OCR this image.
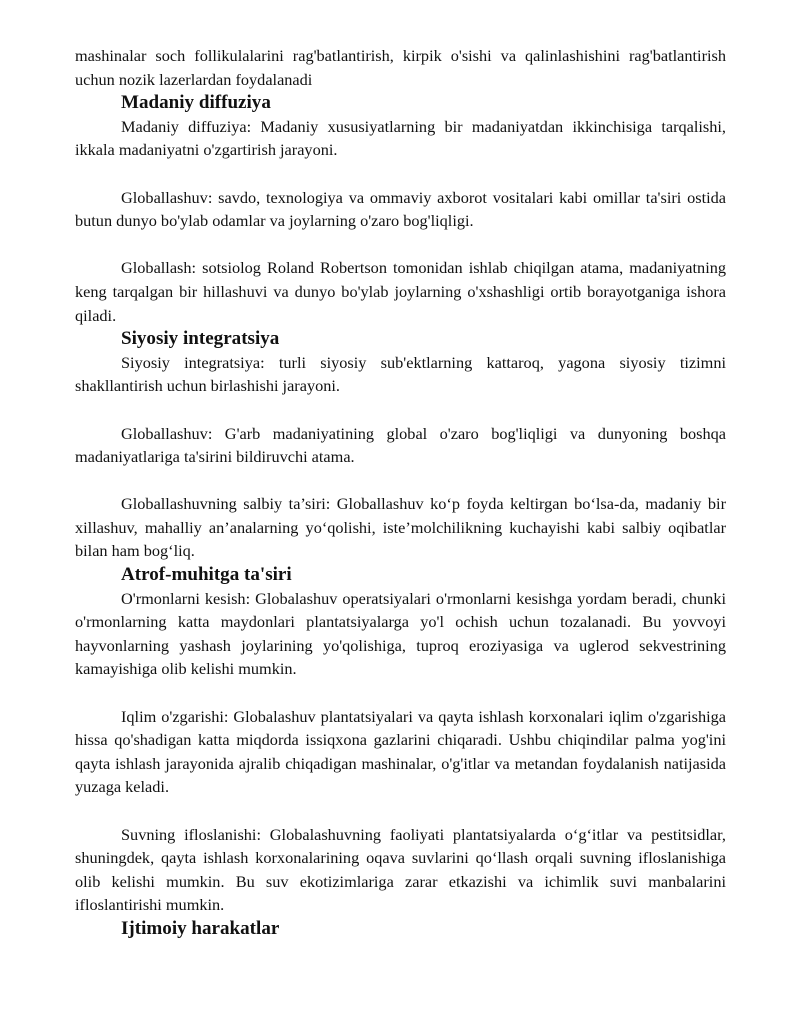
mashinalar soch follikulalarini rag'batlantirish, kirpik o'sishi va qalinlashishini rag'batlantirish uchun nozik lazerlardan foydalanadi

Madaniy diffuziya

Madaniy diffuziya: Madaniy xususiyatlarning bir madaniyatdan ikkinchisiga tarqalishi, ikkala madaniyatni o'zgartirish jarayoni.

Globallashuv: savdo, texnologiya va ommaviy axborot vositalari kabi omillar ta'siri ostida butun dunyo bo'ylab odamlar va joylarning o'zaro bog'liqligi.

Globallash: sotsiolog Roland Robertson tomonidan ishlab chiqilgan atama, madaniyatning keng tarqalgan bir hillashuvi va dunyo bo'ylab joylarning o'xshashligi ortib borayotganiga ishora qiladi.

Siyosiy integratsiya

Siyosiy integratsiya: turli siyosiy sub'ektlarning kattaroq, yagona siyosiy tizimni shakllantirish uchun birlashishi jarayoni.

Globallashuv: G'arb madaniyatining global o'zaro bog'liqligi va dunyoning boshqa madaniyatlariga ta'sirini bildiruvchi atama.

Globallashuvning salbiy ta’siri: Globallashuv ko‘p foyda keltirgan bo‘lsa-da, madaniy bir xillashuv, mahalliy an’analarning yo‘qolishi, iste’molchilikning kuchayishi kabi salbiy oqibatlar bilan ham bog‘liq.

Atrof-muhitga ta'siri

O'rmonlarni kesish: Globalashuv operatsiyalari o'rmonlarni kesishga yordam beradi, chunki o'rmonlarning katta maydonlari plantatsiyalarga yo'l ochish uchun tozalanadi. Bu yovvoyi hayvonlarning yashash joylarining yo'qolishiga, tuproq eroziyasiga va uglerod sekvestrining kamayishiga olib kelishi mumkin.

Iqlim o'zgarishi: Globalashuv plantatsiyalari va qayta ishlash korxonalari iqlim o'zgarishiga hissa qo'shadigan katta miqdorda issiqxona gazlarini chiqaradi. Ushbu chiqindilar palma yog'ini qayta ishlash jarayonida ajralib chiqadigan mashinalar, o'g'itlar va metandan foydalanish natijasida yuzaga keladi.

Suvning ifloslanishi: Globalashuvning faoliyati plantatsiyalarda o‘g‘itlar va pestitsidlar, shuningdek, qayta ishlash korxonalarining oqava suvlarini qo‘llash orqali suvning ifloslanishiga olib kelishi mumkin. Bu suv ekotizimlariga zarar etkazishi va ichimlik suvi manbalarini ifloslantirishi mumkin.

Ijtimoiy harakatlar
